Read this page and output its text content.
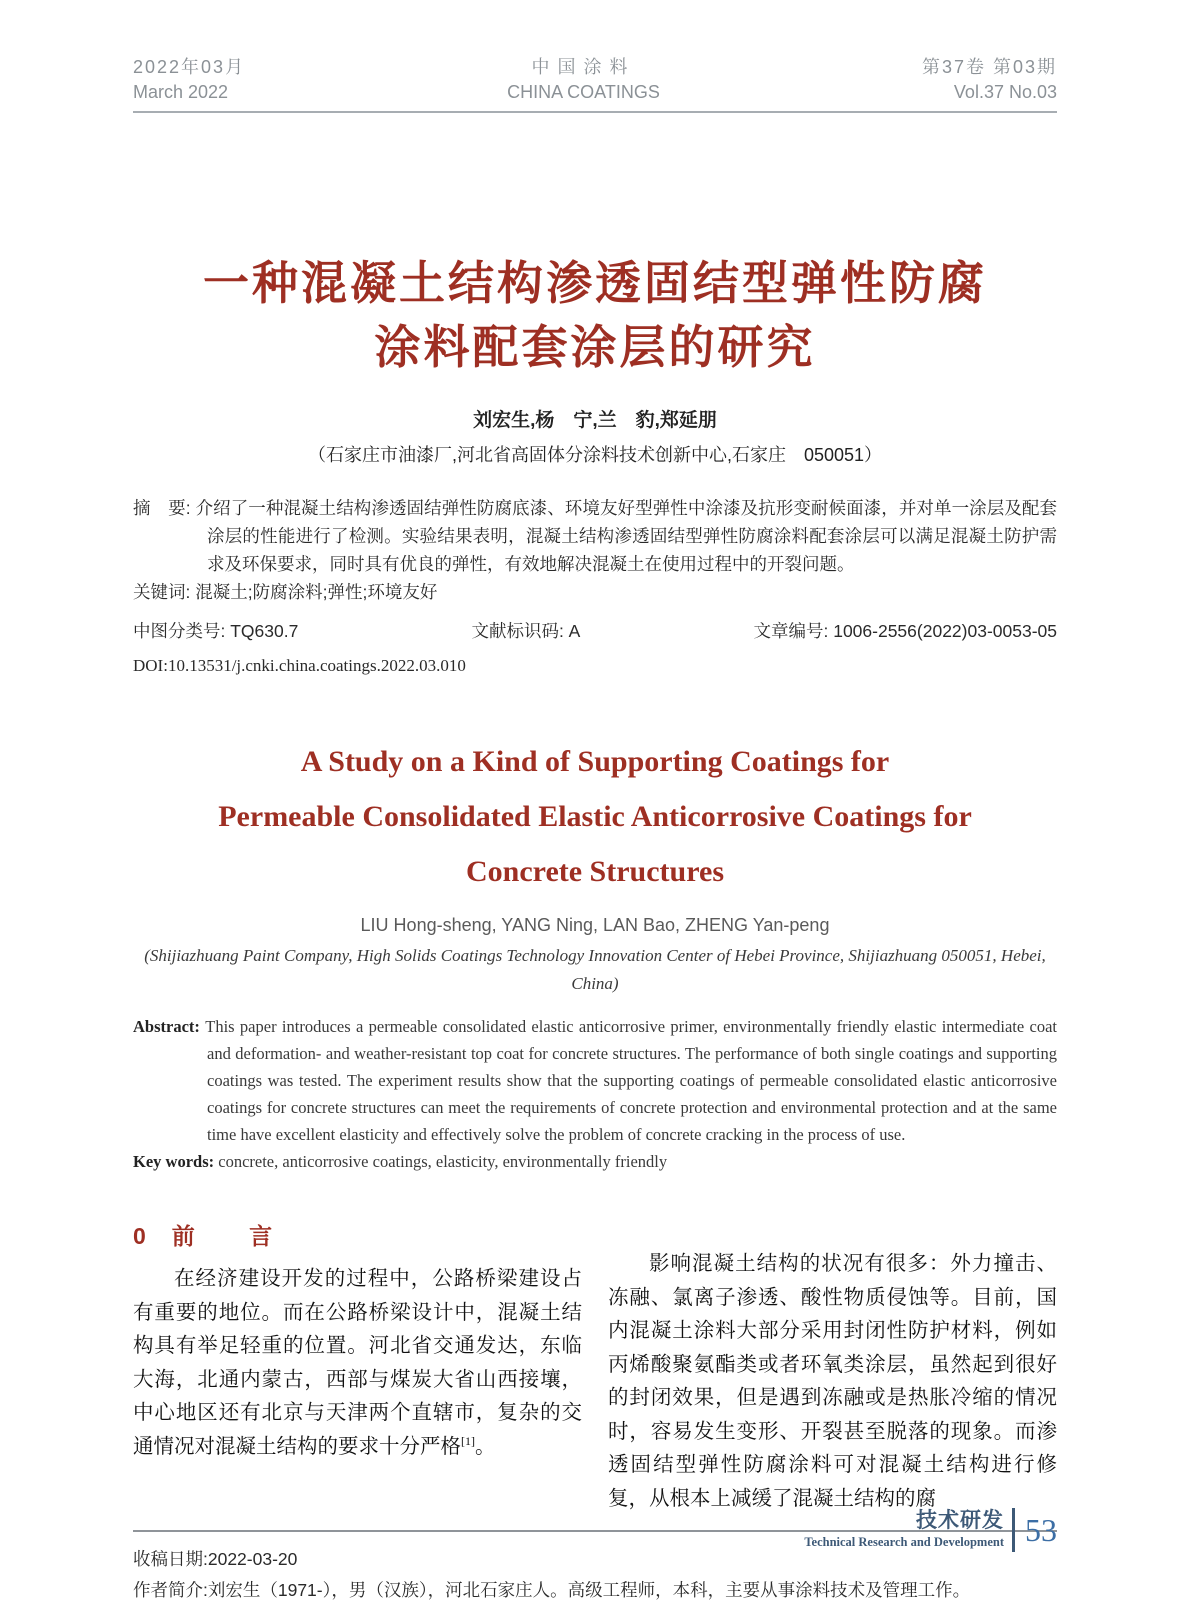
2022年03月
March 2022
中国涂料
CHINA COATINGS
第37卷 第03期
Vol.37 No.03
一种混凝土结构渗透固结型弹性防腐
涂料配套涂层的研究
刘宏生,杨　宁,兰　豹,郑延朋
（石家庄市油漆厂,河北省高固体分涂料技术创新中心,石家庄　050051）
摘　要: 介绍了一种混凝土结构渗透固结弹性防腐底漆、环境友好型弹性中涂漆及抗形变耐候面漆，并对单一涂层及配套涂层的性能进行了检测。实验结果表明，混凝土结构渗透固结型弹性防腐涂料配套涂层可以满足混凝土防护需求及环保要求，同时具有优良的弹性，有效地解决混凝土在使用过程中的开裂问题。
关键词: 混凝土;防腐涂料;弹性;环境友好
中图分类号: TQ630.7	文献标识码: A	文章编号: 1006-2556(2022)03-0053-05
DOI:10.13531/j.cnki.china.coatings.2022.03.010
A Study on a Kind of Supporting Coatings for
Permeable Consolidated Elastic Anticorrosive Coatings for
Concrete Structures
LIU Hong-sheng, YANG Ning, LAN Bao, ZHENG Yan-peng
(Shijiazhuang Paint Company, High Solids Coatings Technology Innovation Center of Hebei Province, Shijiazhuang 050051, Hebei, China)
Abstract: This paper introduces a permeable consolidated elastic anticorrosive primer, environmentally friendly elastic intermediate coat and deformation- and weather-resistant top coat for concrete structures. The performance of both single coatings and supporting coatings was tested. The experiment results show that the supporting coatings of permeable consolidated elastic anticorrosive coatings for concrete structures can meet the requirements of concrete protection and environmental protection and at the same time have excellent elasticity and effectively solve the problem of concrete cracking in the process of use.
Key words: concrete, anticorrosive coatings, elasticity, environmentally friendly
0 前 言

在经济建设开发的过程中，公路桥梁建设占有重要的地位。而在公路桥梁设计中，混凝土结构具有举足轻重的位置。河北省交通发达，东临大海，北通内蒙古，西部与煤炭大省山西接壤，中心地区还有北京与天津两个直辖市，复杂的交通情况对混凝土结构的要求十分严格[1]。

影响混凝土结构的状况有很多：外力撞击、冻融、氯离子渗透、酸性物质侵蚀等。目前，国内混凝土涂料大部分采用封闭性防护材料，例如丙烯酸聚氨酯类或者环氧类涂层，虽然起到很好的封闭效果，但是遇到冻融或是热胀冷缩的情况时，容易发生变形、开裂甚至脱落的现象。而渗透固结型弹性防腐涂料可对混凝土结构进行修复，从根本上减缓了混凝土结构的腐

收稿日期:2022-03-20
作者简介:刘宏生（1971-），男（汉族），河北石家庄人。高级工程师，本科，主要从事涂料技术及管理工作。
技术研发
Technical Research and Development 53
